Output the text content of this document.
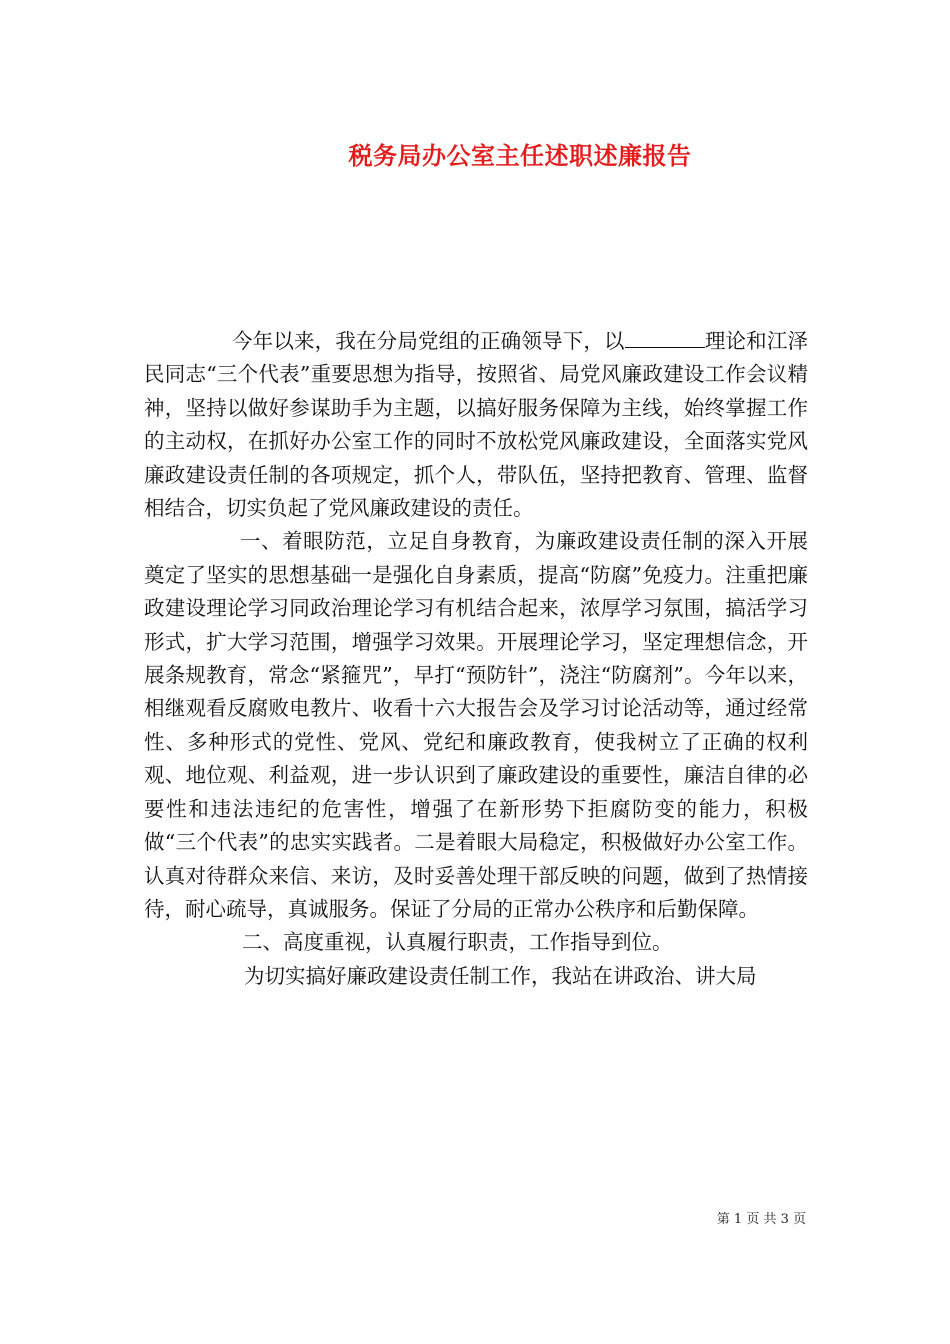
税务局办公室主任述职述廉报告

今年以来，我在分局党组的正确领导下，以	理论和江泽民同志“三个代表”重要思想为指导，按照省、局党风廉政建设工作会议精神，坚持以做好参谋助手为主题，以搞好服务保障为主线，始终掌握工作的主动权，在抓好办公室工作的同时不放松党风廉政建设，全面落实党风廉政建设责任制的各项规定，抓个人，带队伍，坚持把教育、管理、监督相结合，切实负起了党风廉政建设的责任。

一、着眼防范，立足自身教育，为廉政建设责任制的深入开展奠定了坚实的思想基础一是强化自身素质，提高“防腐”免疫力。注重把廉政建设理论学习同政治理论学习有机结合起来，浓厚学习氛围，搞活学习形式，扩大学习范围，增强学习效果。开展理论学习，坚定理想信念，开展条规教育，常念“紧箍咒”，早打“预防针”，浇注“防腐剂”。今年以来，相继观看反腐败电教片、收看十六大报告会及学习讨论活动等，通过经常性、多种形式的党性、党风、党纪和廉政教育，使我树立了正确的权利观、地位观、利益观，进一步认识到了廉政建设的重要性，廉洁自律的必要性和违法违纪的危害性，增强了在新形势下拒腐防变的能力，积极做“三个代表”的忠实实践者。二是着眼大局稳定，积极做好办公室工作。认真对待群众来信、来访，及时妥善处理干部反映的问题，做到了热情接待，耐心疏导，真诚服务。保证了分局的正常办公秩序和后勤保障。

二、高度重视，认真履行职责，工作指导到位。

为切实搞好廉政建设责任制工作，我站在讲政治、讲大局

第 1 页 共 3 页
